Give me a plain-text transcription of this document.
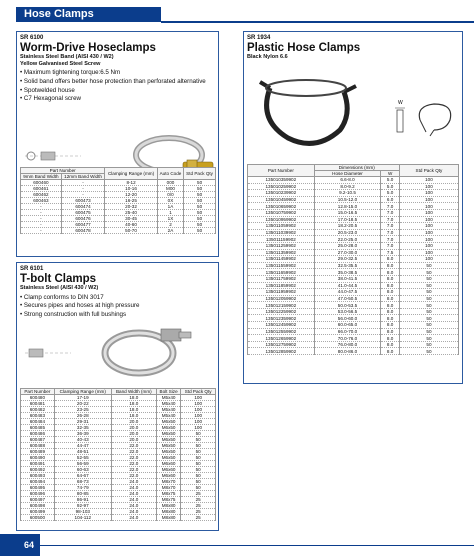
Hose Clamps
SR 6100
Worm-Drive Hoseclamps
Stainless Steel Band (AISI 430 / W2)
Yellow Galvanised Steel Screw
• Maximum tightening torque:6.5 Nm
• Solid band offers better hose protection than perforated alternative
• Spotwelded house
• C7 Hexagonal screw
Part Number		Clamping Range (mm)	Auto Code	Std Pack Qty
9mm Band Width	12mm Band Width			
600460	-	8-12	000	50
600461	-	10-16	M00	50
600462	-	12-20	0/0	50
600463	600473	16-25	0X	50
-	600474	20-32	1A	50
-	600475	25-40	1	50
-	600476	30-45	1X	50
-	600477	40-60	2	50
-	600478	50-70	2A	50
SR 6101
T-bolt Clamps
Stainless Steel (AISI 430 / W2)
• Clamp conforms to DIN 3017
• Secures pipes and hoses at high pressure
• Strong construction with full bushings
Part Number	Clamping Range (mm)	Band Width (mm)	Bolt Size	Std Pack Qty
600480	17-19	18.0	M5x40	100
600481	20-22	18.0	M5x40	100
600482	23-25	18.0	M5x40	100
600483	26-28	18.0	M5x40	100
600484	29-31	20.0	M6x50	100
600485	32-35	20.0	M6x50	100
600486	36-39	20.0	M6x50	50
600487	40-43	20.0	M6x50	50
600488	44-47	22.0	M6x50	50
600489	48-51	22.0	M6x50	50
600490	52-55	22.0	M6x50	50
600491	56-59	22.0	M6x60	50
600492	60-63	22.0	M6x60	50
600493	64-67	22.0	M6x60	50
600494	68-73	24.0	M8x70	50
600495	74-79	24.0	M8x70	50
600496	80-85	24.0	M8x75	25
600497	86-91	24.0	M8x75	25
600498	92-97	24.0	M8x80	25
600499	98-103	24.0	M8x80	25
600500	104-112	24.0	M8x80	25
SR 1934
Plastic Hose Clamps
Black Nylon 6.6
W
Part Number	Dimensions (mm)		Std Pack Qty
	Hose Diameter	W	
135010359902	6.6-8.0	5.0	100
135010259902	8.0-9.2	5.0	100
135010239902	9.2-10.5	5.0	100
135010459902	10.5-12.0	6.0	100
135010659902	12.8-15.0	7.0	100
135010759902	15.0-16.5	7.0	100
135010959902	17.0-18.5	7.0	100
135011059902	18.2-20.5	7.0	100
135011039902	20.5-23.0	7.0	100
135011159902	22.0-25.0	7.0	100
135011259902	25.0-28.0	7.0	100
135011359902	27.0-30.0	7.5	100
135011459902	29.0-32.5	8.0	100
135011559902	32.5-35.5	8.0	50
135011659902	35.0-38.5	8.0	50
135011759902	38.0-41.5	8.0	50
135011859902	41.0-44.5	8.0	50
135011959902	44.0-47.5	8.0	50
135012059902	47.0-50.5	8.0	50
135012159902	50.0-53.5	8.0	50
135012259902	53.0-56.5	8.0	50
135012359902	56.0-60.0	8.0	50
135012459902	60.0-65.0	8.0	50
135012559902	66.0-70.0	8.0	50
135012659902	70.0-76.0	8.0	50
135012759902	76.0-80.0	8.0	50
135012859902	80.0-86.0	8.0	50
64
